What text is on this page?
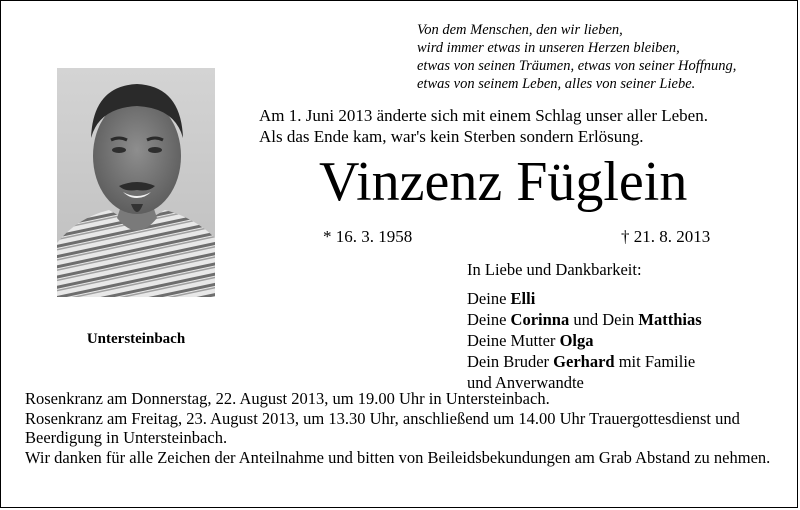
Von dem Menschen, den wir lieben,
wird immer etwas in unseren Herzen bleiben,
etwas von seinen Träumen, etwas von seiner Hoffnung,
etwas von seinem Leben, alles von seiner Liebe.
Untersteinbach
Am 1. Juni 2013 änderte sich mit einem Schlag unser aller Leben.
Als das Ende kam, war's kein Sterben sondern Erlösung.
Vinzenz Füglein
* 16. 3. 1958	† 21. 8. 2013
In Liebe und Dankbarkeit:
Deine Elli
Deine Corinna und Dein Matthias
Deine Mutter Olga
Dein Bruder Gerhard mit Familie
und Anverwandte
Rosenkranz am Donnerstag, 22. August 2013, um 19.00 Uhr in Untersteinbach.
Rosenkranz am Freitag, 23. August 2013, um 13.30 Uhr, anschließend um 14.00 Uhr Trauergottesdienst und Beerdigung in Untersteinbach.
Wir danken für alle Zeichen der Anteilnahme und bitten von Beileidsbekundungen am Grab Abstand zu nehmen.
